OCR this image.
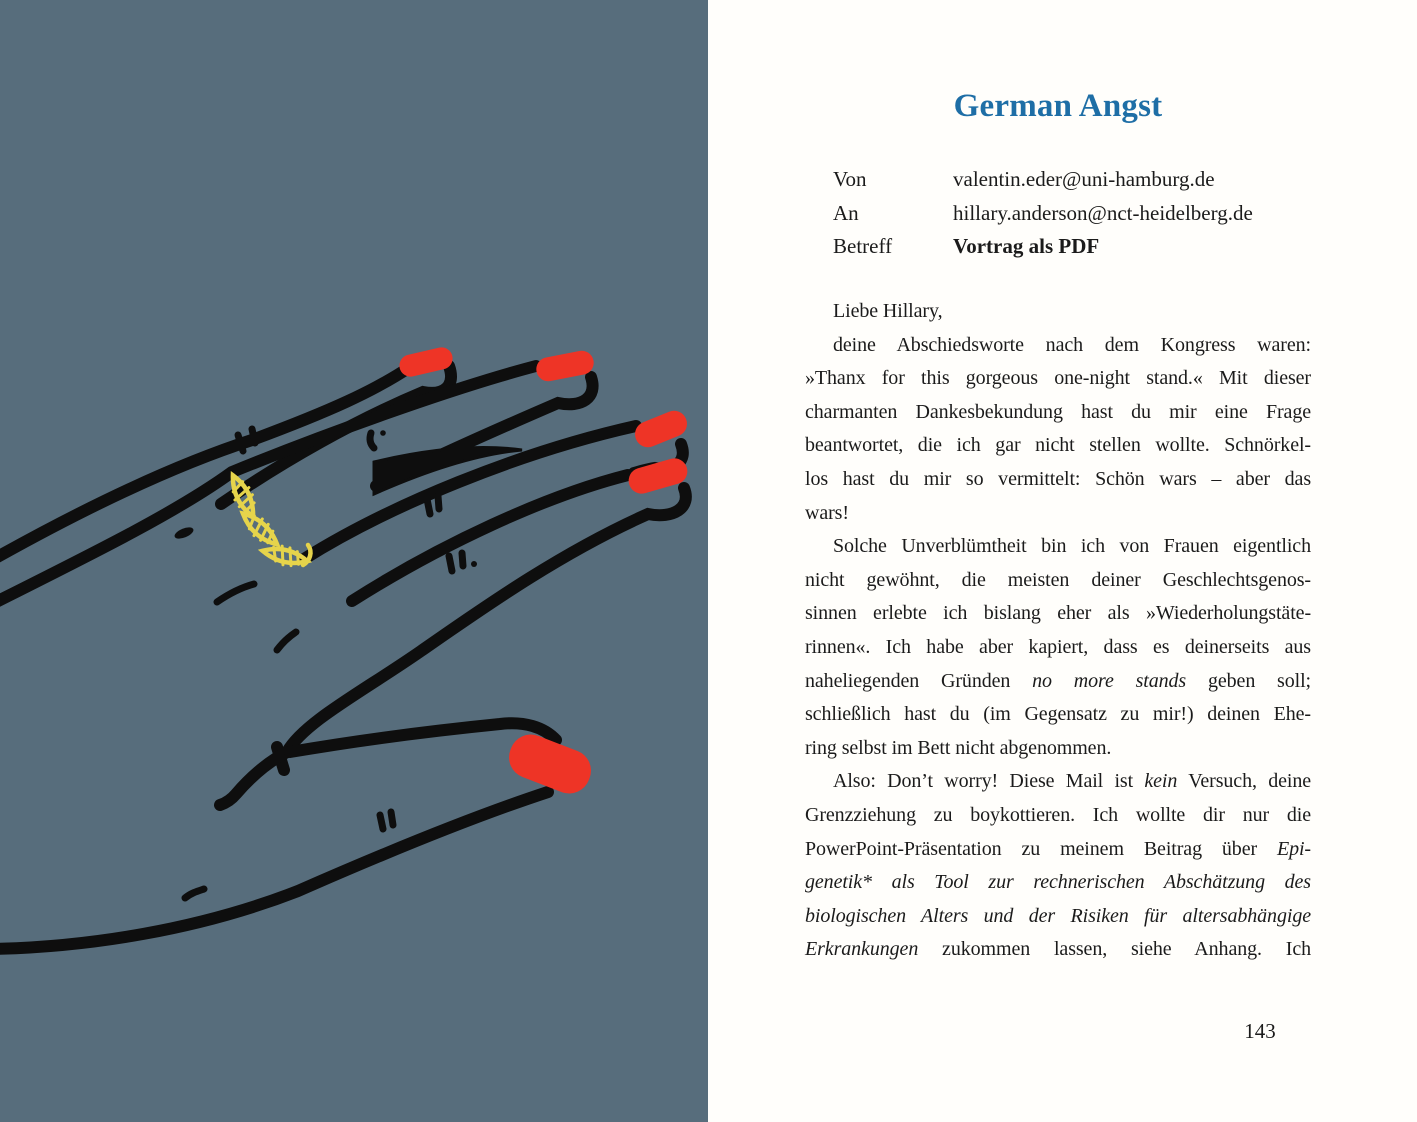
German Angst
Von	valentin.eder@uni-hamburg.de
An	hillary.anderson@nct-heidelberg.de
Betreff	Vortrag als PDF
Liebe Hillary,
deine Abschiedsworte nach dem Kongress waren:
»Thanx for this gorgeous one-night stand.« Mit dieser
charmanten Dankesbekundung hast du mir eine Frage
beantwortet, die ich gar nicht stellen wollte. Schnörkel-
los hast du mir so vermittelt: Schön wars – aber das
wars!
Solche Unverblümtheit bin ich von Frauen eigentlich
nicht gewöhnt, die meisten deiner Geschlechtsgenos-
sinnen erlebte ich bislang eher als »Wiederholungstäte-
rinnen«. Ich habe aber kapiert, dass es deinerseits aus
naheliegenden Gründen no more stands geben soll;
schließlich hast du (im Gegensatz zu mir!) deinen Ehe-
ring selbst im Bett nicht abgenommen.
Also: Don’t worry! Diese Mail ist kein Versuch, deine
Grenzziehung zu boykottieren. Ich wollte dir nur die
PowerPoint-Präsentation zu meinem Beitrag über Epi-
genetik* als Tool zur rechnerischen Abschätzung des
biologischen Alters und der Risiken für altersabhängige
Erkrankungen zukommen lassen, siehe Anhang. Ich
143
